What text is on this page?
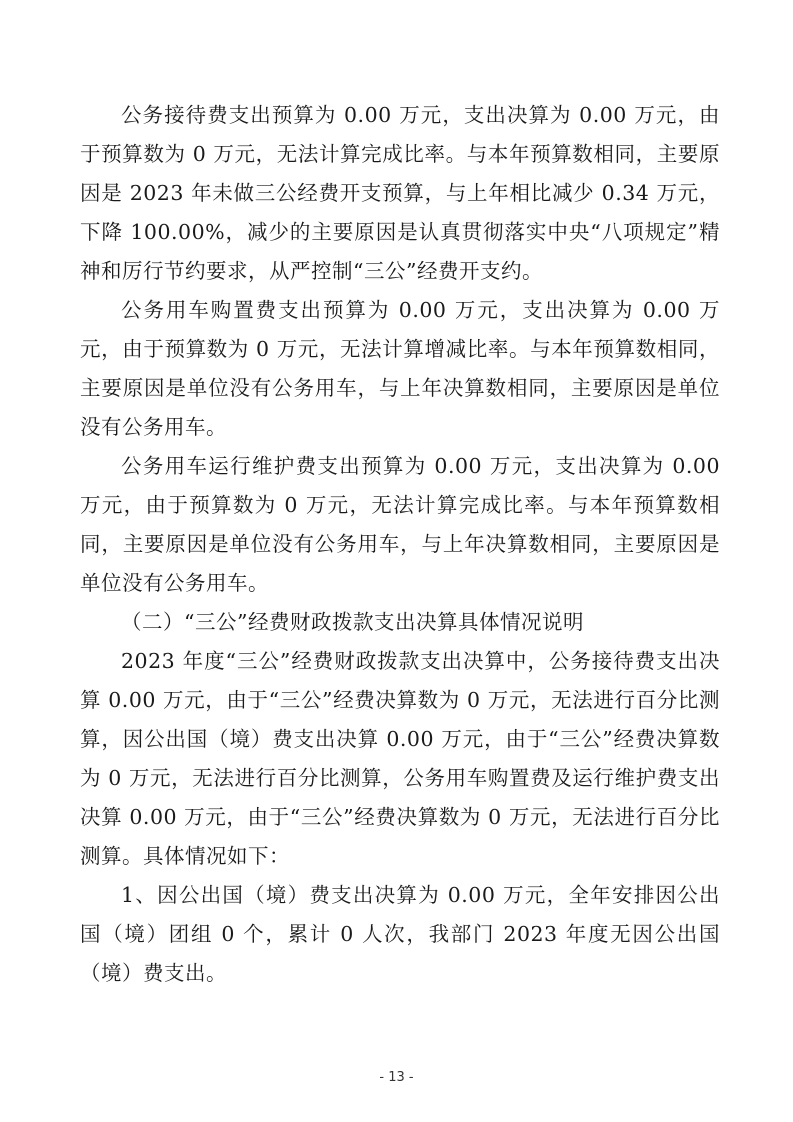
公务接待费支出预算为 0.00 万元，支出决算为 0.00 万元，由于预算数为 0 万元，无法计算完成比率。与本年预算数相同，主要原因是 2023 年未做三公经费开支预算，与上年相比减少 0.34 万元，下降 100.00%，减少的主要原因是认真贯彻落实中央“八项规定”精神和厉行节约要求，从严控制“三公”经费开支约。

公务用车购置费支出预算为 0.00 万元，支出决算为 0.00 万元，由于预算数为 0 万元，无法计算增减比率。与本年预算数相同，主要原因是单位没有公务用车，与上年决算数相同，主要原因是单位没有公务用车。

公务用车运行维护费支出预算为 0.00 万元，支出决算为 0.00 万元，由于预算数为 0 万元，无法计算完成比率。与本年预算数相同，主要原因是单位没有公务用车，与上年决算数相同，主要原因是单位没有公务用车。

（二）“三公”经费财政拨款支出决算具体情况说明

2023 年度“三公”经费财政拨款支出决算中，公务接待费支出决算 0.00 万元，由于“三公”经费决算数为 0 万元，无法进行百分比测算，因公出国（境）费支出决算 0.00 万元，由于“三公”经费决算数为 0 万元，无法进行百分比测算，公务用车购置费及运行维护费支出决算 0.00 万元，由于“三公”经费决算数为 0 万元，无法进行百分比测算。具体情况如下：

1、因公出国（境）费支出决算为 0.00 万元，全年安排因公出国（境）团组 0 个，累计 0 人次，我部门 2023 年度无因公出国（境）费支出。

- 13 -
